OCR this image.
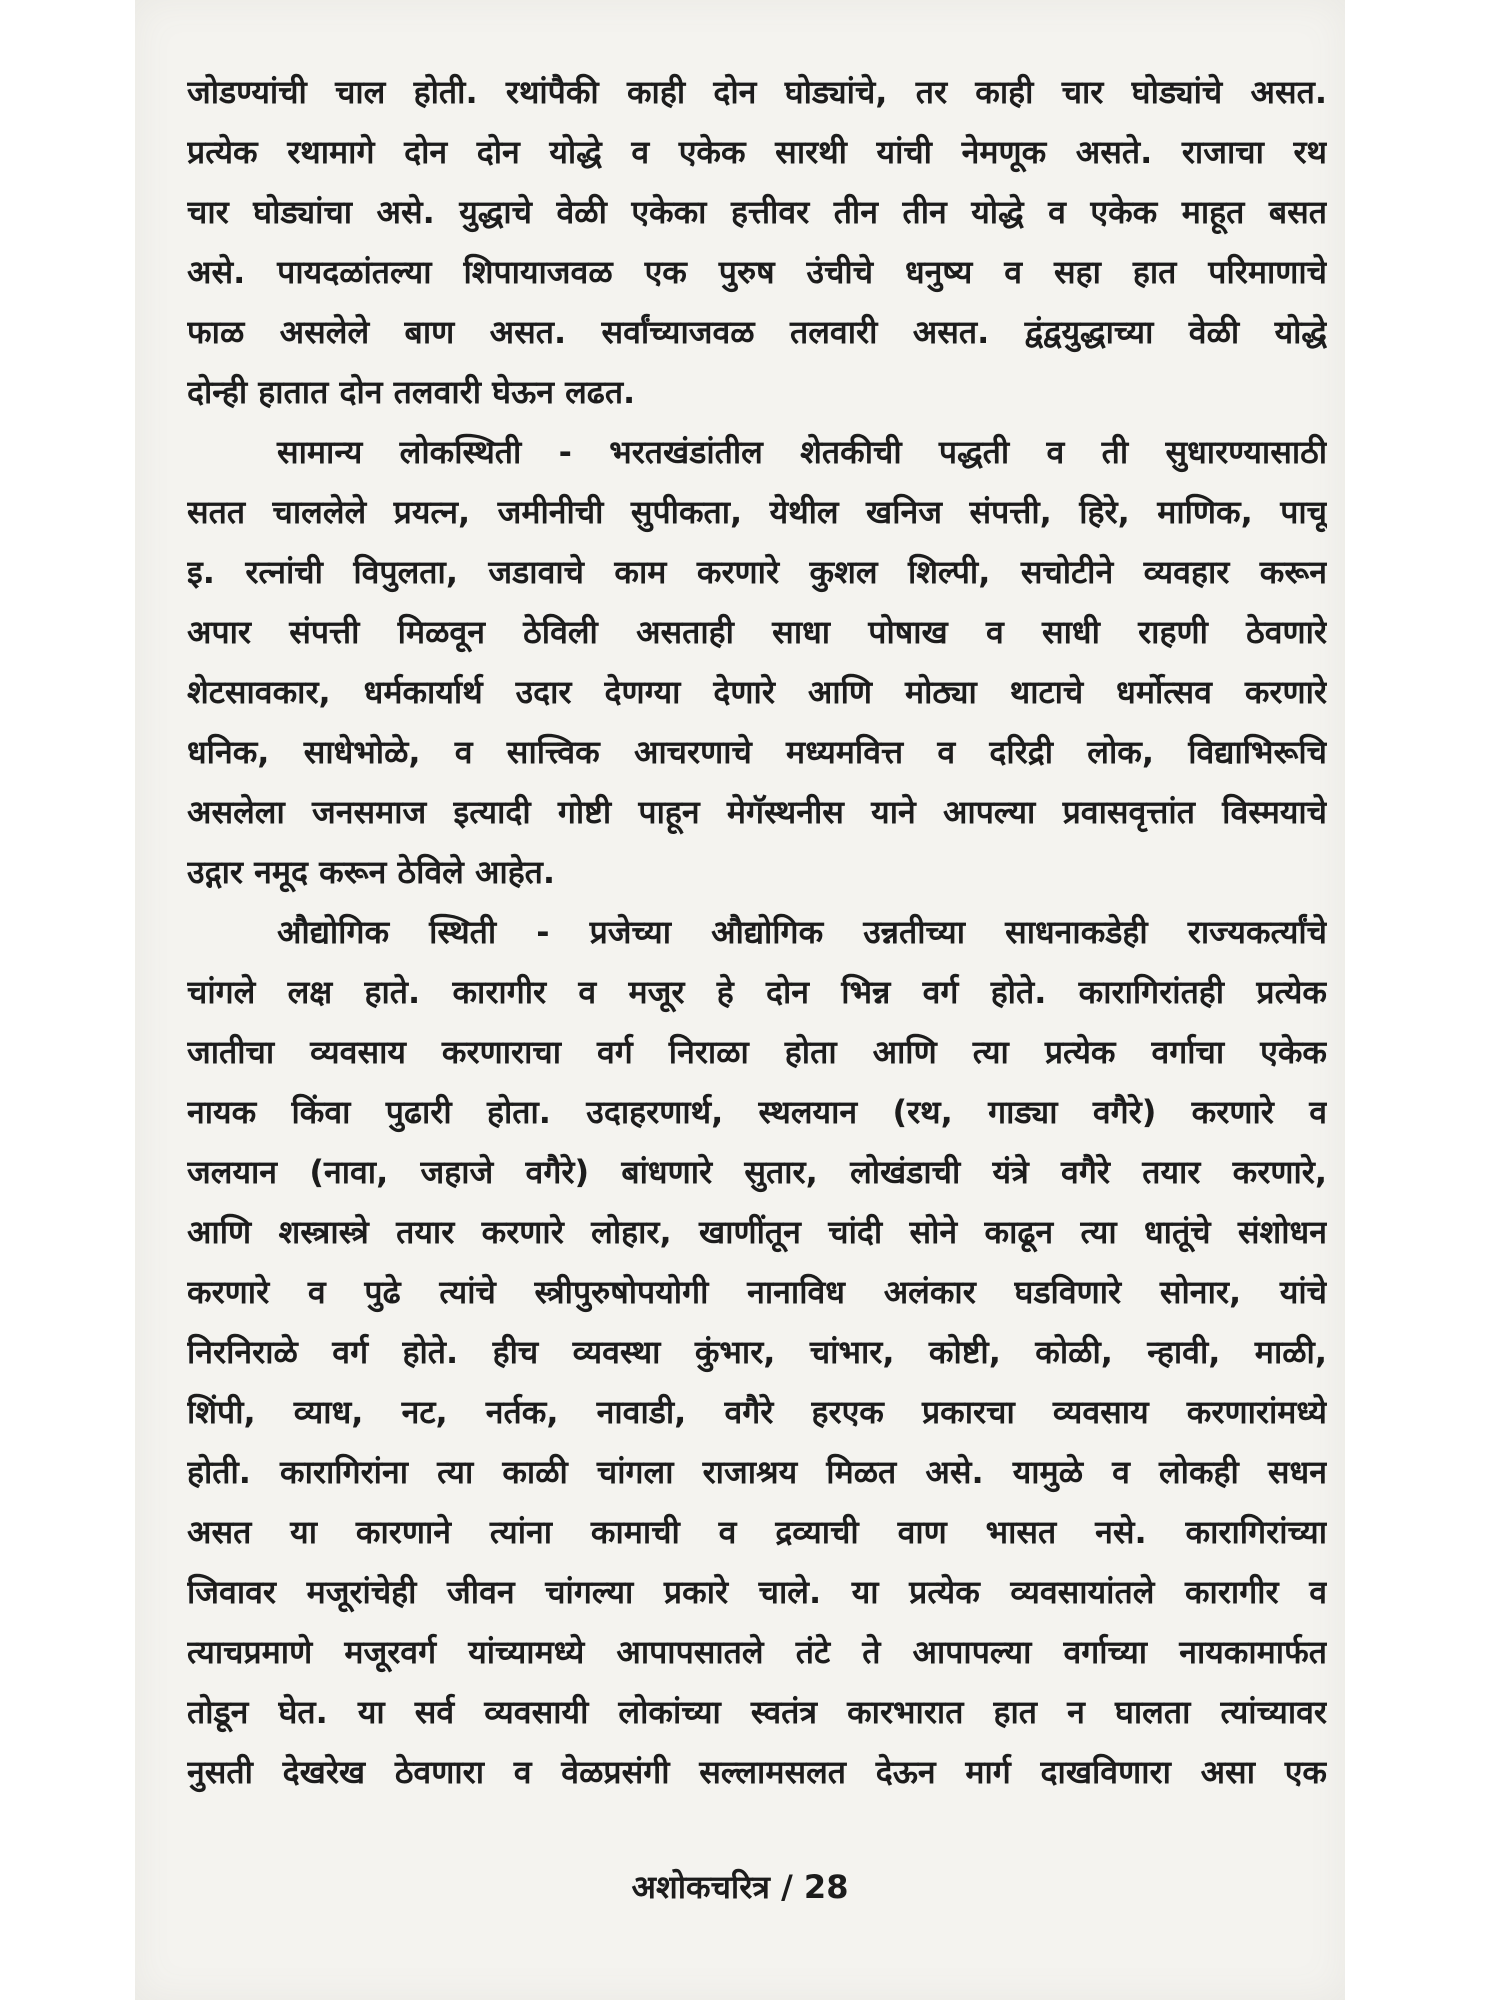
जोडण्यांची चाल होती. रथांपैकी काही दोन घोड्यांचे, तर काही चार घोड्यांचे असत.
प्रत्येक रथामागे दोन दोन योद्धे व एकेक सारथी यांची नेमणूक असते. राजाचा रथ
चार घोड्यांचा असे. युद्धाचे वेळी एकेका हत्तीवर तीन तीन योद्धे व एकेक माहूत बसत
असे. पायदळांतल्या शिपायाजवळ एक पुरुष उंचीचे धनुष्य व सहा हात परिमाणाचे
फाळ असलेले बाण असत. सर्वांच्याजवळ तलवारी असत. द्वंद्वयुद्धाच्या वेळी योद्धे
दोन्ही हातात दोन तलवारी घेऊन लढत.
सामान्य लोकस्थिती - भरतखंडांतील शेतकीची पद्धती व ती सुधारण्यासाठी
सतत चाललेले प्रयत्न, जमीनीची सुपीकता, येथील खनिज संपत्ती, हिरे, माणिक, पाचू
इ. रत्नांची विपुलता, जडावाचे काम करणारे कुशल शिल्पी, सचोटीने व्यवहार करून
अपार संपत्ती मिळवून ठेविली असताही साधा पोषाख व साधी राहणी ठेवणारे
शेटसावकार, धर्मकार्यार्थ उदार देणग्या देणारे आणि मोठ्या थाटाचे धर्मोत्सव करणारे
धनिक, साधेभोळे, व सात्त्विक आचरणाचे मध्यमवित्त व दरिद्री लोक, विद्याभिरूचि
असलेला जनसमाज इत्यादी गोष्टी पाहून मेगॅस्थनीस याने आपल्या प्रवासवृत्तांत विस्मयाचे
उद्गार नमूद करून ठेविले आहेत.
औद्योगिक स्थिती - प्रजेच्या औद्योगिक उन्नतीच्या साधनाकडेही राज्यकर्त्यांचे
चांगले लक्ष हाते. कारागीर व मजूर हे दोन भिन्न वर्ग होते. कारागिरांतही प्रत्येक
जातीचा व्यवसाय करणाराचा वर्ग निराळा होता आणि त्या प्रत्येक वर्गाचा एकेक
नायक किंवा पुढारी होता. उदाहरणार्थ, स्थलयान (रथ, गाड्या वगैरे) करणारे व
जलयान (नावा, जहाजे वगैरे) बांधणारे सुतार, लोखंडाची यंत्रे वगैरे तयार करणारे,
आणि शस्त्रास्त्रे तयार करणारे लोहार, खाणींतून चांदी सोने काढून त्या धातूंचे संशोधन
करणारे व पुढे त्यांचे स्त्रीपुरुषोपयोगी नानाविध अलंकार घडविणारे सोनार, यांचे
निरनिराळे वर्ग होते. हीच व्यवस्था कुंभार, चांभार, कोष्टी, कोळी, न्हावी, माळी,
शिंपी, व्याध, नट, नर्तक, नावाडी, वगैरे हरएक प्रकारचा व्यवसाय करणारांमध्ये
होती. कारागिरांना त्या काळी चांगला राजाश्रय मिळत असे. यामुळे व लोकही सधन
असत या कारणाने त्यांना कामाची व द्रव्याची वाण भासत नसे. कारागिरांच्या
जिवावर मजूरांचेही जीवन चांगल्या प्रकारे चाले. या प्रत्येक व्यवसायांतले कारागीर व
त्याचप्रमाणे मजूरवर्ग यांच्यामध्ये आपापसातले तंटे ते आपापल्या वर्गाच्या नायकामार्फत
तोडून घेत. या सर्व व्यवसायी लोकांच्या स्वतंत्र कारभारात हात न घालता त्यांच्यावर
नुसती देखरेख ठेवणारा व वेळप्रसंगी सल्लामसलत देऊन मार्ग दाखविणारा असा एक
अशोकचरित्र / 28
